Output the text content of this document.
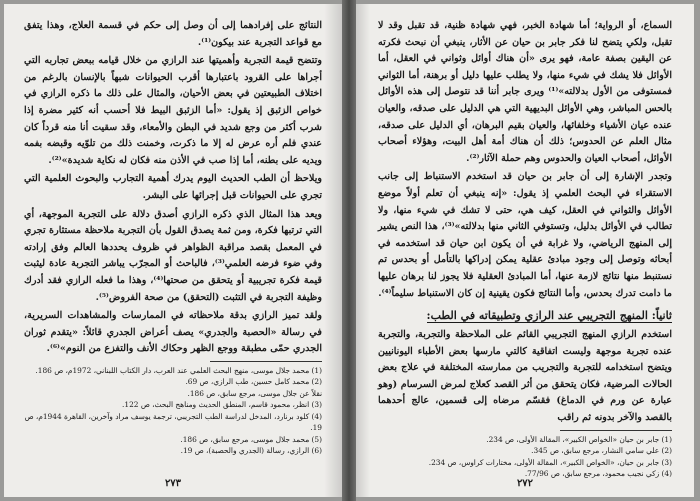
النتائج على إفرادهما إلى أن وصل إلى حكم في قسمة العلاج، وهذا يتفق مع قواعد التجربة عند بيكون⁽¹⁾.

وتتضح قيمة التجربة وأهميتها عند الرازي من خلال قيامه ببعض تجاربه التي أجراها على القرود باعتبارها أقرب الحيوانات شبهاً بالإنسان بالرغم من اختلاف الطبيعتين في بعض الأحيان، والمثال على ذلك ما ذكره الرازي في خواص الزئبق إذ يقول: «أما الزئبق البيط فلا أحسب أنه كثير مضرة إذا شرب أكثر من وجع شديد في البطن والأمعاء، وقد سقيت أنا منه قرداً كان عندي فلم أره عرض له إلا ما ذكرت، وخمنت ذلك من تلوّيه وقبضه بفمه ويديه على بطنه، أما إذا صب في الأذن منه فكان له نكاية شديدة»⁽²⁾.

ويلاحظ أن الطب الحديث اليوم يدرك أهمية التجارب والبحوث العلمية التي تجري على الحيوانات قبل إجرائها على البشر.

ويعد هذا المثال الذي ذكره الرازي أصدق دلالة على التجربة الموجهة، أي التي ترتبها فكرة، ومن ثمة يصدق القول بأن التجربة ملاحظة مستثارة تجري في المعمل بقصد مراقبة الظواهر في ظروف يحددها العالم وفق إرادته وفي ضوء فرضه العلمي⁽³⁾، فالباحث أو المجرّب يباشر التجربة عادة ليثبت قيمة فكرة تجريبية أو يتحقق من صحتها⁽⁴⁾، وهذا ما فعله الرازي فقد أدرك وظيفة التجربة في التثبت (التحقق) من صحة الفروض⁽⁵⁾.

ولقد تميز الرازي بدقة ملاحظاته في الممارسات والمشاهدات السريرية، في رسالة «الحصبة والجدري» يصف أعراض الجدري قائلاً: «يتقدم ثوران الجدري حمّى مطبقة ووجع الظهر وحكاك الأنف والتفزع من النوم»⁽⁶⁾.

(1) محمد جلال موسى، منهج البحث العلمي عند العرب، دار الكتاب اللبناني، 1972م، ص 186.
(2) محمد كامل حسين، طب الرازي، ص 69.
نقلاً عن جلال موسى، مرجع سابق، ص 186.
(3) انظر، محمود قاسم، المنطق الحديث ومناهج البحث، ص 122.
(4) كلود برنارد، المدخل لدراسة الطب التجريبي، ترجمة يوسف مراد وآخرين، القاهرة 1944م، ص 19.
(5) محمد جلال موسى، مرجع سابق، ص 186.
(6) الرازي، رسالة (الجدري والحصبة)، ص 19.
٢٧٣

السماع، أو الرواية؛ أما شهادة الخبر، فهي شهادة ظنية، قد تقبل وقد لا تقبل، ولكي يتضح لنا فكر جابر بن حيان عن الأثار، ينبغي أن نبحث فكرته عن اليقين بصفة عامة، فهو يرى «أن هناك أوائل وثواني في العقل، أما الأوائل فلا يشك في شيء منها، ولا يطلب عليها دليل أو برهنة، أما الثواني فمستوفى من الأول بدلالته»⁽¹⁾ ويرى جابر أننا قد نتوصل إلى هذه الأوائل بالحس المباشر، وهي الأوائل البديهية التي هي الدليل على صدقه، والعيان عنده عيان الأشياء وخلفائها، والعيان بقيم البرهان، أي الدليل على صدقه، مثال العلم عن الحدوس؛ ذلك أن هناك أمة أهل البيت، وهؤلاء أصحاب الأوائل، أصحاب العيان والحدوس وهم حملة الآثار⁽²⁾.

وتجدر الإشارة إلى أن جابر بن حيان قد استخدم الاستنباط إلى جانب الاستقراء في البحث العلمي إذ يقول: «إنه ينبغي أن تعلم أولاً موضع الأوائل والثواني في العقل، كيف هي، حتى لا تشك في شيء منها، ولا تطالب في الأوائل بدليل، وتستوفي الثاني منها بدلالته»⁽³⁾، هذا النص يشير إلى المنهج الرياضي، ولا غرابة في أن يكون ابن حيان قد استخدمه في أبحاثه وتوصل إلى وجود مبادئ عقلية يمكن إدراكها بالتأمل أو بحدس تم نستنبط منها نتائج لازمة عنها، أما المبادئ العقلية فلا يجوز لنا برهان عليها ما دامت تدرك بحدس، وأما النتائج فكون يقينية إن كان الاستنباط سليماً⁽⁴⁾.

ثانياً: المنهج التجريبي عند الرازي وتطبيقاته في الطب:

استخدم الرازي المنهج التجريبي القائم على الملاحظة والتجربة، والتجربة عنده تجربة موجهة وليست اتفاقية كالتي مارسها بعض الأطباء اليونانيين ويتضح استخدامه للتجربة والتجريب من ممارسته المختلفة في علاج بعض الحالات المرضية، فكان يتحقق من أثر القصد كعلاج لمرض السرسام (وهو عبارة عن ورم في الدماغ) فقسّم مرضاه إلى قسمين، عالج أحدهما بالقصد والآخر بدونه ثم راقب

(1) جابر بن حيان «الخواص الكبير»، المقالة الأولى، ص 234.
(2) علي سامي النشار، مرجع سابق، ص 345.
(3) جابر بن حيان، «الخواص الكبير»، المقالة الأولى، مختارات كراوس، ص 234.
(4) زكي نجيب محمود، مرجع سابق، ص 77/96.
٢٧٢
